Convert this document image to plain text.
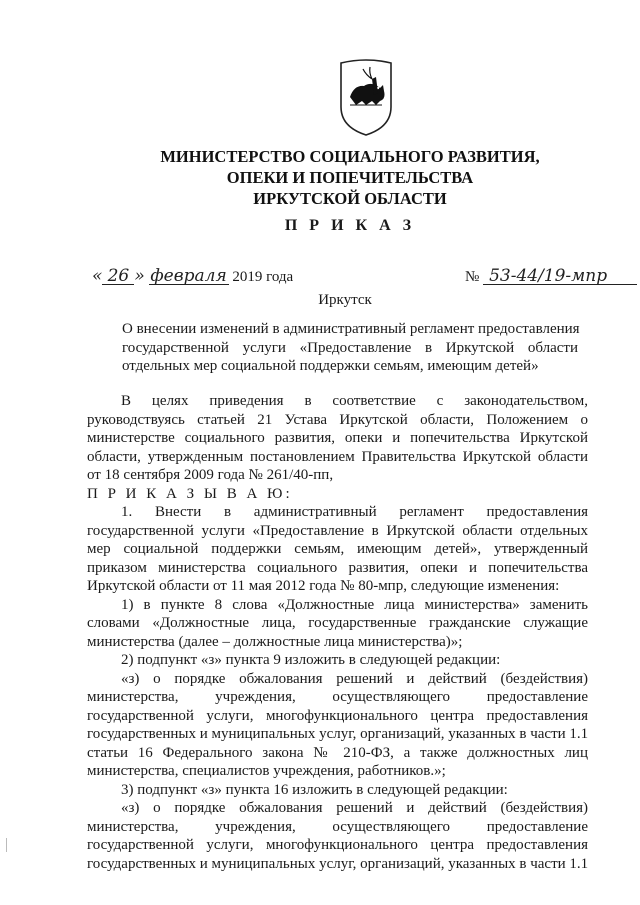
МИНИСТЕРСТВО СОЦИАЛЬНОГО РАЗВИТИЯ,
ОПЕКИ И ПОПЕЧИТЕЛЬСТВА
ИРКУТСКОЙ ОБЛАСТИ
П Р И К А З
« 26 » февраля 2019 года	№ 53-44/19-мпр
Иркутск
О внесении изменений в административный регламент предоставления
государственной услуги «Предоставление в Иркутской области
отдельных мер социальной поддержки семьям, имеющим детей»
В целях приведения в соответствие с законодательством,
руководствуясь статьей 21 Устава Иркутской области, Положением о
министерстве социального развития, опеки и попечительства Иркутской
области, утвержденным постановлением Правительства Иркутской области
от 18 сентября 2009 года № 261/40-пп,
П Р И К А З Ы В А Ю:
1. Внести в административный регламент предоставления
государственной услуги «Предоставление в Иркутской области отдельных
мер социальной поддержки семьям, имеющим детей», утвержденный
приказом министерства социального развития, опеки и попечительства
Иркутской области от 11 мая 2012 года № 80-мпр, следующие изменения:
1) в пункте 8 слова «Должностные лица министерства» заменить
словами «Должностные лица, государственные гражданские служащие
министерства (далее – должностные лица министерства)»;
2) подпункт «з» пункта 9 изложить в следующей редакции:
«з) о порядке обжалования решений и действий (бездействия)
министерства, учреждения, осуществляющего предоставление
государственной услуги, многофункционального центра предоставления
государственных и муниципальных услуг, организаций, указанных в части 1.1
статьи 16 Федерального закона № 210-ФЗ, а также должностных лиц
министерства, специалистов учреждения, работников.»;
3) подпункт «з» пункта 16 изложить в следующей редакции:
«з) о порядке обжалования решений и действий (бездействия)
министерства, учреждения, осуществляющего предоставление
государственной услуги, многофункционального центра предоставления
государственных и муниципальных услуг, организаций, указанных в части 1.1
